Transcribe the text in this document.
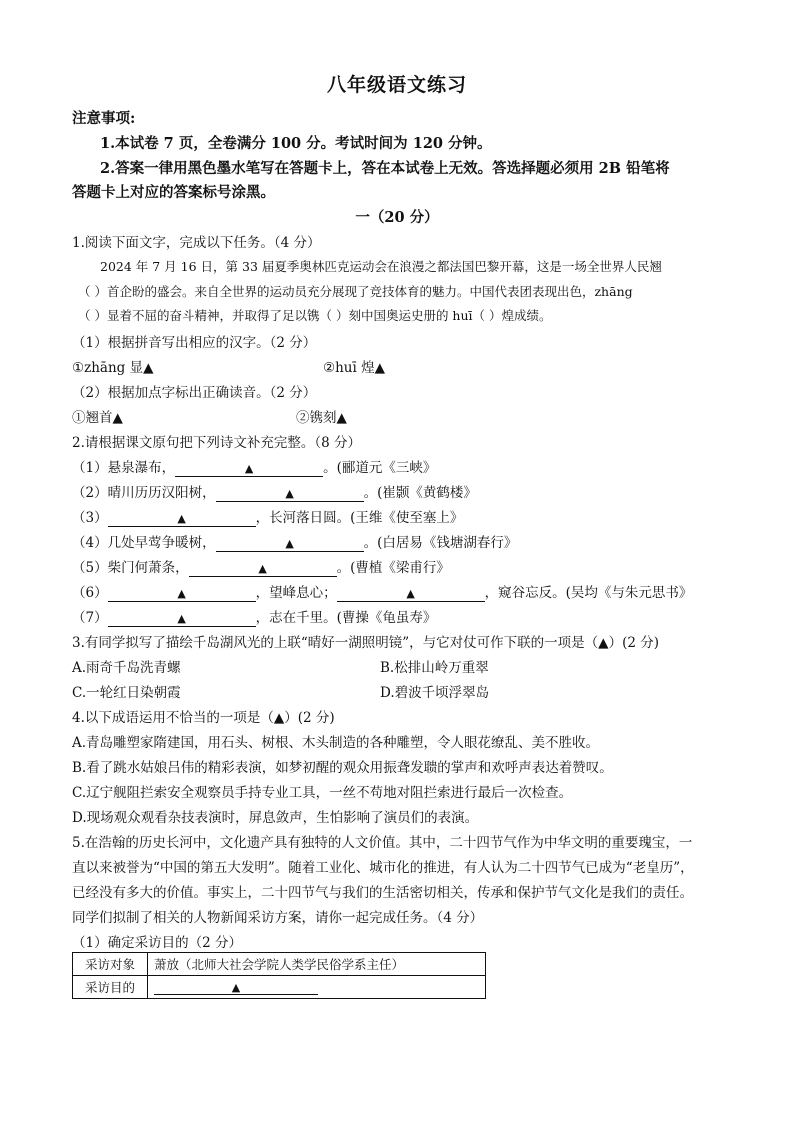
八年级语文练习
注意事项:
1.本试卷 7 页，全卷满分 100 分。考试时间为 120 分钟。
2.答案一律用黑色墨水笔写在答题卡上，答在本试卷上无效。答选择题必须用 2B 铅笔将
答题卡上对应的答案标号涂黑。
一（20 分）
1.阅读下面文字，完成以下任务。（4 分）
2024 年 7 月 16 日，第 33 届夏季奥林匹克运动会在浪漫之都法国巴黎开幕，这是一场全世界人民翘
（ ）首企盼的盛会。来自全世界的运动员充分展现了竞技体育的魅力。中国代表团表现出色，zhāng
（ ）显着不屈的奋斗精神，并取得了足以镌（ ）刻中国奥运史册的 huī（ ）煌成绩。
（1）根据拼音写出相应的汉字。（2 分）
①zhāng 显▲	②huī 煌▲
（2）根据加点字标出正确读音。（2 分）
①翘首▲	②镌刻▲
2.请根据课文原句把下列诗文补充完整。（8 分）
（1）悬泉瀑布，	▲	。(郦道元《三峡》
（2）晴川历历汉阳树，	▲	。(崔颢《黄鹤楼》
（3）	▲	，长河落日圆。(王维《使至塞上》
（4）几处早莺争暖树，	▲	。(白居易《钱塘湖春行》
（5）柴门何萧条，	▲	。(曹植《梁甫行》
（6）	▲	，望峰息心；	▲	，窥谷忘反。(吴均《与朱元思书》
（7）	▲	，志在千里。(曹操《龟虽寿》
3.有同学拟写了描绘千岛湖风光的上联“晴好一湖照明镜”，与它对仗可作下联的一项是（▲）(2 分)
A.雨奇千岛洗青螺	B.松排山岭万重翠
C.一轮红日染朝霞	D.碧波千顷浮翠岛
4.以下成语运用不恰当的一项是（▲）(2 分)
A.青岛雕塑家隋建国，用石头、树根、木头制造的各种雕塑，令人眼花缭乱、美不胜收。
B.看了跳水姑娘吕伟的精彩表演，如梦初醒的观众用振聋发聩的掌声和欢呼声表达着赞叹。
C.辽宁舰阻拦索安全观察员手持专业工具，一丝不苟地对阻拦索进行最后一次检查。
D.现场观众观看杂技表演时，屏息敛声，生怕影响了演员们的表演。
5.在浩翰的历史长河中，文化遗产具有独特的人文价值。其中，二十四节气作为中华文明的重要瑰宝，一
直以来被誉为“中国的第五大发明”。随着工业化、城市化的推进，有人认为二十四节气已成为“老皇历”，
已经没有多大的价值。事实上，二十四节气与我们的生活密切相关，传承和保护节气文化是我们的责任。
同学们拟制了相关的人物新闻采访方案，请你一起完成任务。（4 分）
（1）确定采访目的（2 分）
采访对象	萧放（北师大社会学院人类学民俗学系主任）
采访目的	▲
